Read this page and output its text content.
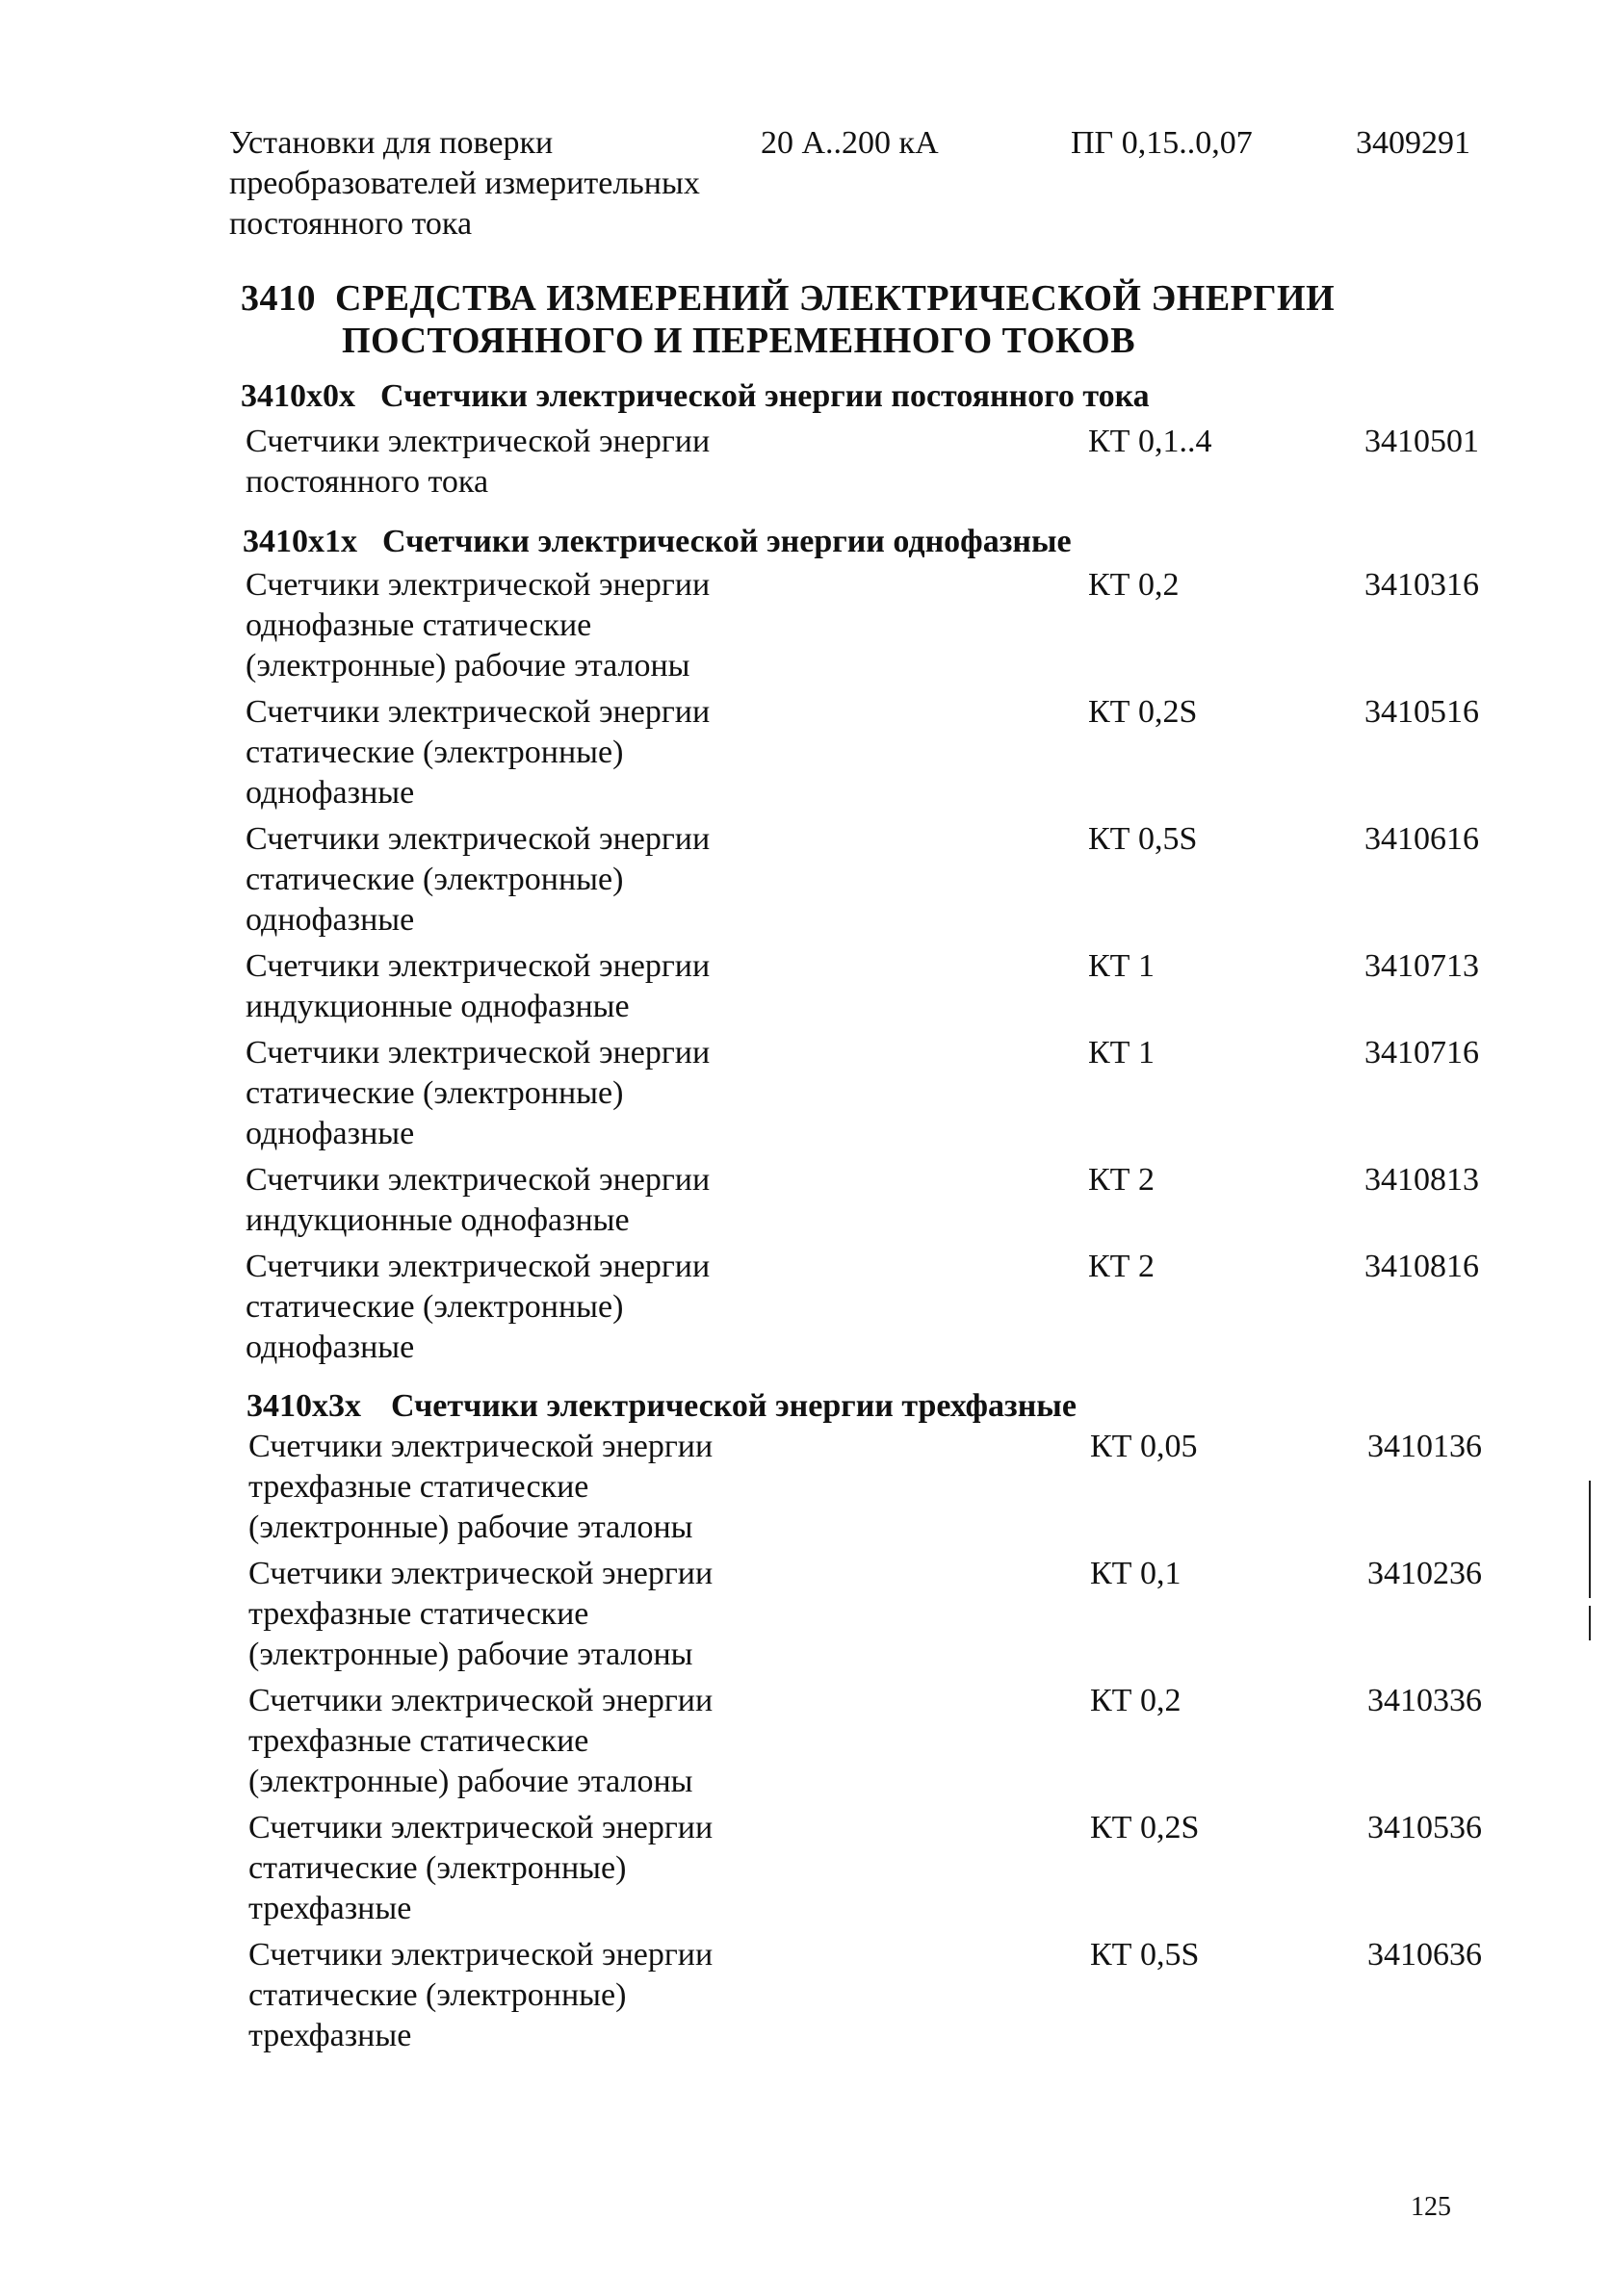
Установки для поверки
преобразователей измерительных
постоянного тока
20 А..200 кА	ПГ 0,15..0,07	3409291
3410 СРЕДСТВА ИЗМЕРЕНИЙ ЭЛЕКТРИЧЕСКОЙ ЭНЕРГИИ
ПОСТОЯННОГО И ПЕРЕМЕННОГО ТОКОВ
3410х0х Счетчики электрической энергии постоянного тока
Счетчики электрической энергии
постоянного тока
КТ 0,1..4	3410501
3410х1х Счетчики электрической энергии однофазные
Счетчики электрической энергии
однофазные статические
(электронные) рабочие эталоны
КТ 0,2	3410316
Счетчики электрической энергии
статические (электронные)
однофазные
КТ 0,2S	3410516
Счетчики электрической энергии
статические (электронные)
однофазные
КТ 0,5S	3410616
Счетчики электрической энергии
индукционные однофазные
КТ 1	3410713
Счетчики электрической энергии
статические (электронные)
однофазные
КТ 1	3410716
Счетчики электрической энергии
индукционные однофазные
КТ 2	3410813
Счетчики электрической энергии
статические (электронные)
однофазные
КТ 2	3410816
3410х3х Счетчики электрической энергии трехфазные
Счетчики электрической энергии
трехфазные статические
(электронные) рабочие эталоны
КТ 0,05	3410136
Счетчики электрической энергии
трехфазные статические
(электронные) рабочие эталоны
КТ 0,1	3410236
Счетчики электрической энергии
трехфазные статические
(электронные) рабочие эталоны
КТ 0,2	3410336
Счетчики электрической энергии
статические (электронные)
трехфазные
КТ 0,2S	3410536
Счетчики электрической энергии
статические (электронные)
трехфазные
КТ 0,5S	3410636
125
